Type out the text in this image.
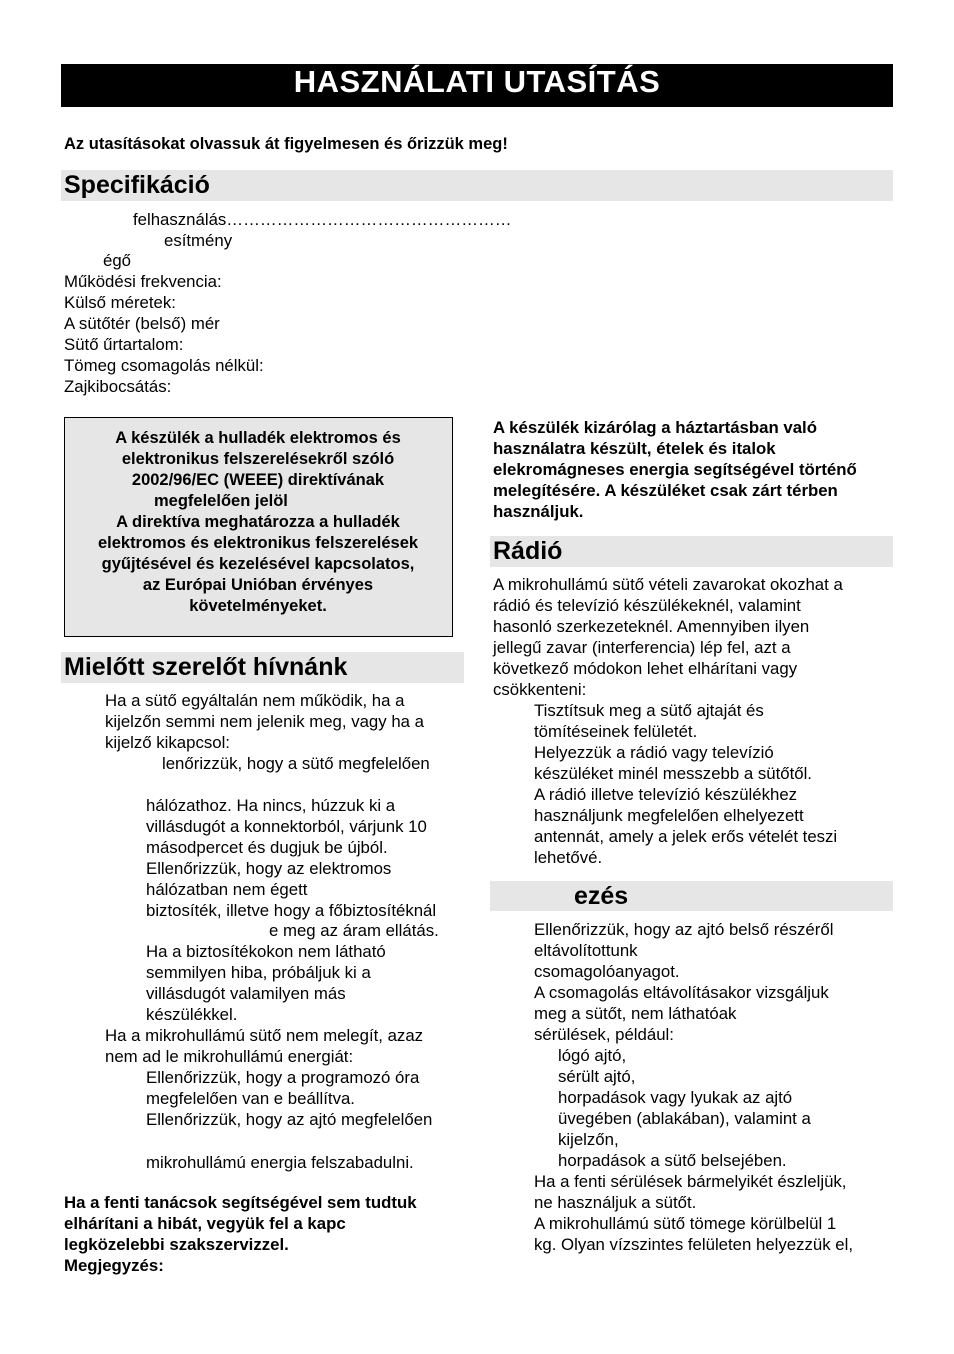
HASZNÁLATI UTASÍTÁS
Az utasításokat olvassuk át figyelmesen és őrizzük meg!
Specifikáció
felhasználás……………………………………………
esítmény
égő
Működési frekvencia:
Külső méretek:
A sütőtér (belső) mér
Sütő űrtartalom:
Tömeg csomagolás nélkül:
Zajkibocsátás:
A készülék a hulladék elektromos és
elektronikus felszerelésekről szóló
2002/96/EC (WEEE) direktívának
megfelelően jelöl
A direktíva meghatározza a hulladék
elektromos és elektronikus felszerelések
gyűjtésével és kezelésével kapcsolatos,
az Európai Unióban érvényes
követelményeket.
A készülék kizárólag a háztartásban való
használatra készült, ételek és italok
elekromágneses energia segítségével történő
melegítésére. A készüléket csak zárt térben
használjuk.
Mielőtt szerelőt hívnánk
Ha a sütő egyáltalán nem működik, ha a
kijelzőn semmi nem jelenik meg, vagy ha a
kijelző kikapcsol:
lenőrizzük, hogy a sütő megfelelően
hálózathoz. Ha nincs, húzzuk ki a
villásdugót a konnektorból, várjunk 10
másodpercet és dugjuk be újból.
Ellenőrizzük, hogy az elektromos
hálózatban nem égett
biztosíték, illetve hogy a főbiztosítéknál
e meg az áram ellátás.
Ha a biztosítékokon nem látható
semmilyen hiba, próbáljuk ki a
villásdugót valamilyen más
készülékkel.
Ha a mikrohullámú sütő nem melegít, azaz
nem ad le mikrohullámú energiát:
Ellenőrizzük, hogy a programozó óra
megfelelően van e beállítva.
Ellenőrizzük, hogy az ajtó megfelelően
mikrohullámú energia felszabadulni.
Ha a fenti tanácsok segítségével sem tudtuk
elhárítani a hibát, vegyük fel a kapc
legközelebbi szakszervizzel.
Megjegyzés:
Rádió
A mikrohullámú sütő vételi zavarokat okozhat a
rádió és televízió készülékeknél, valamint
hasonló szerkezeteknél. Amennyiben ilyen
jellegű zavar (interferencia) lép fel, azt a
következő módokon lehet elhárítani vagy
csökkenteni:
Tisztítsuk meg a sütő ajtaját és
tömítéseinek felületét.
Helyezzük a rádió vagy televízió
készüléket minél messzebb a sütőtől.
A rádió illetve televízió készülékhez
használjunk megfelelően elhelyezett
antennát, amely a jelek erős vételét teszi
lehetővé.
ezés
Ellenőrizzük, hogy az ajtó belső részéről
eltávolítottunk
csomagolóanyagot.
A csomagolás eltávolításakor vizsgáljuk
meg a sütőt, nem láthatóak
sérülések, például:
lógó ajtó,
sérült ajtó,
horpadások vagy lyukak az ajtó
üvegében (ablakában), valamint a
kijelzőn,
horpadások a sütő belsejében.
Ha a fenti sérülések bármelyikét észleljük,
ne használjuk a sütőt.
A mikrohullámú sütő tömege körülbelül 1
kg. Olyan vízszintes felületen helyezzük el,
